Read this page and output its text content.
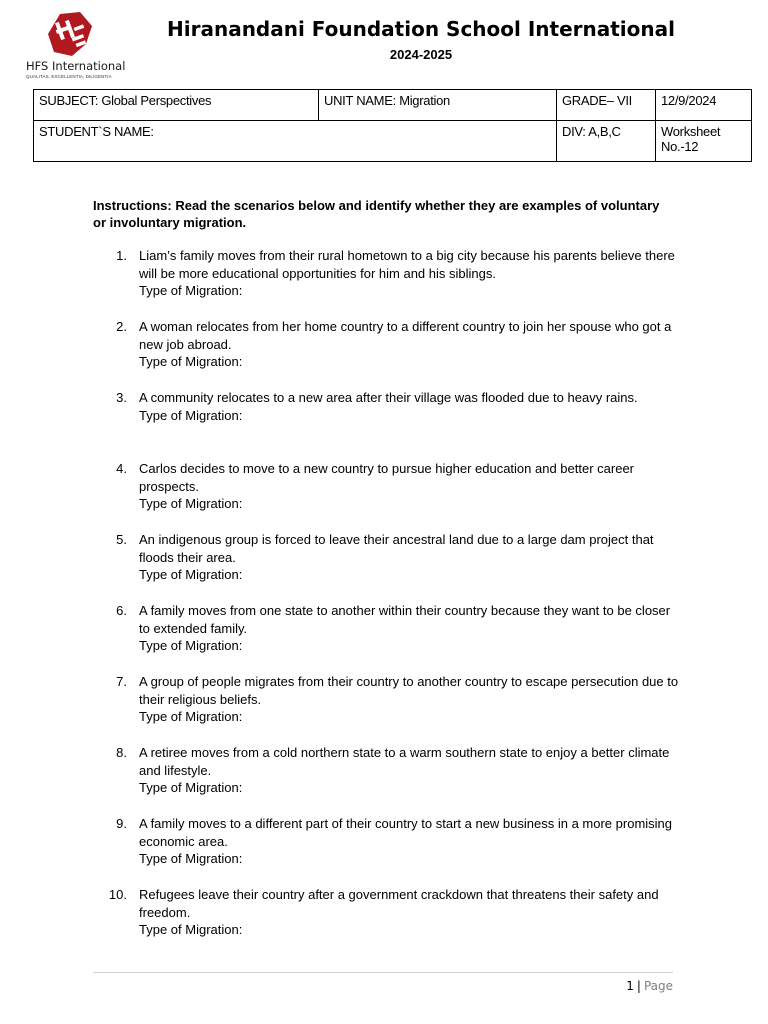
HFS International
QUALITAS, EXCELLENTIA, DILIGENTIA
Hiranandani Foundation School International
2024-2025
SUBJECT: Global Perspectives	UNIT NAME: Migration	GRADE– VII	12/9/2024
STUDENT`S NAME:		DIV: A,B,C	Worksheet No.-12
Instructions: Read the scenarios below and identify whether they are examples of voluntary or involuntary migration.
1. Liam’s family moves from their rural hometown to a big city because his parents believe there will be more educational opportunities for him and his siblings.
Type of Migration:
2. A woman relocates from her home country to a different country to join her spouse who got a new job abroad.
Type of Migration:
3. A community relocates to a new area after their village was flooded due to heavy rains.
Type of Migration:
4. Carlos decides to move to a new country to pursue higher education and better career prospects.
Type of Migration:
5. An indigenous group is forced to leave their ancestral land due to a large dam project that floods their area.
Type of Migration:
6. A family moves from one state to another within their country because they want to be closer to extended family.
Type of Migration:
7. A group of people migrates from their country to another country to escape persecution due to their religious beliefs.
Type of Migration:
8. A retiree moves from a cold northern state to a warm southern state to enjoy a better climate and lifestyle.
Type of Migration:
9. A family moves to a different part of their country to start a new business in a more promising economic area.
Type of Migration:
10. Refugees leave their country after a government crackdown that threatens their safety and freedom.
Type of Migration:
1 | Page
